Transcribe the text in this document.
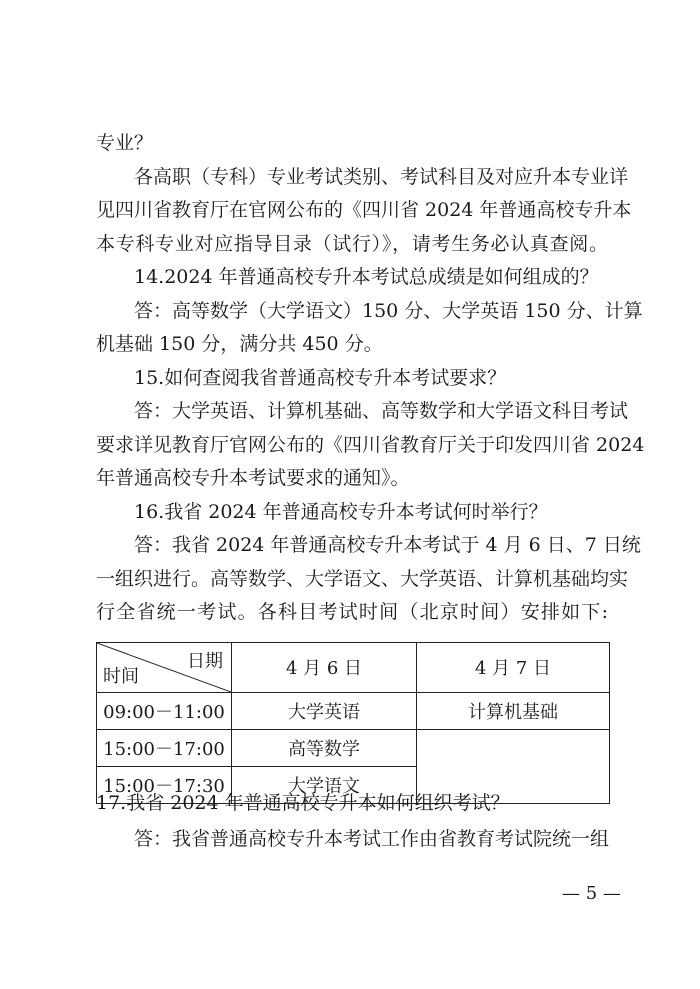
专业？
各高职（专科）专业考试类别、考试科目及对应升本专业详
见四川省教育厅在官网公布的《四川省 2024 年普通高校专升本
本专科专业对应指导目录（试行）》，请考生务必认真查阅。
14.2024 年普通高校专升本考试总成绩是如何组成的？
答：高等数学（大学语文）150 分、大学英语 150 分、计算
机基础 150 分，满分共 450 分。
15.如何查阅我省普通高校专升本考试要求？
答：大学英语、计算机基础、高等数学和大学语文科目考试
要求详见教育厅官网公布的《四川省教育厅关于印发四川省 2024
年普通高校专升本考试要求的通知》。
16.我省 2024 年普通高校专升本考试何时举行？
答：我省 2024 年普通高校专升本考试于 4 月 6 日、7 日统
一组织进行。高等数学、大学语文、大学英语、计算机基础均实
日期
时间	4 月 6 日	4 月 7 日
09:00－11:00	大学英语	计算机基础
15:00－17:00	高等数学	
15:00－17:30	大学语文	
17.我省 2024 年普通高校专升本如何组织考试？
答：我省普通高校专升本考试工作由省教育考试院统一组
— 5 —
行全省统一考试。各科目考试时间（北京时间）安排如下:
